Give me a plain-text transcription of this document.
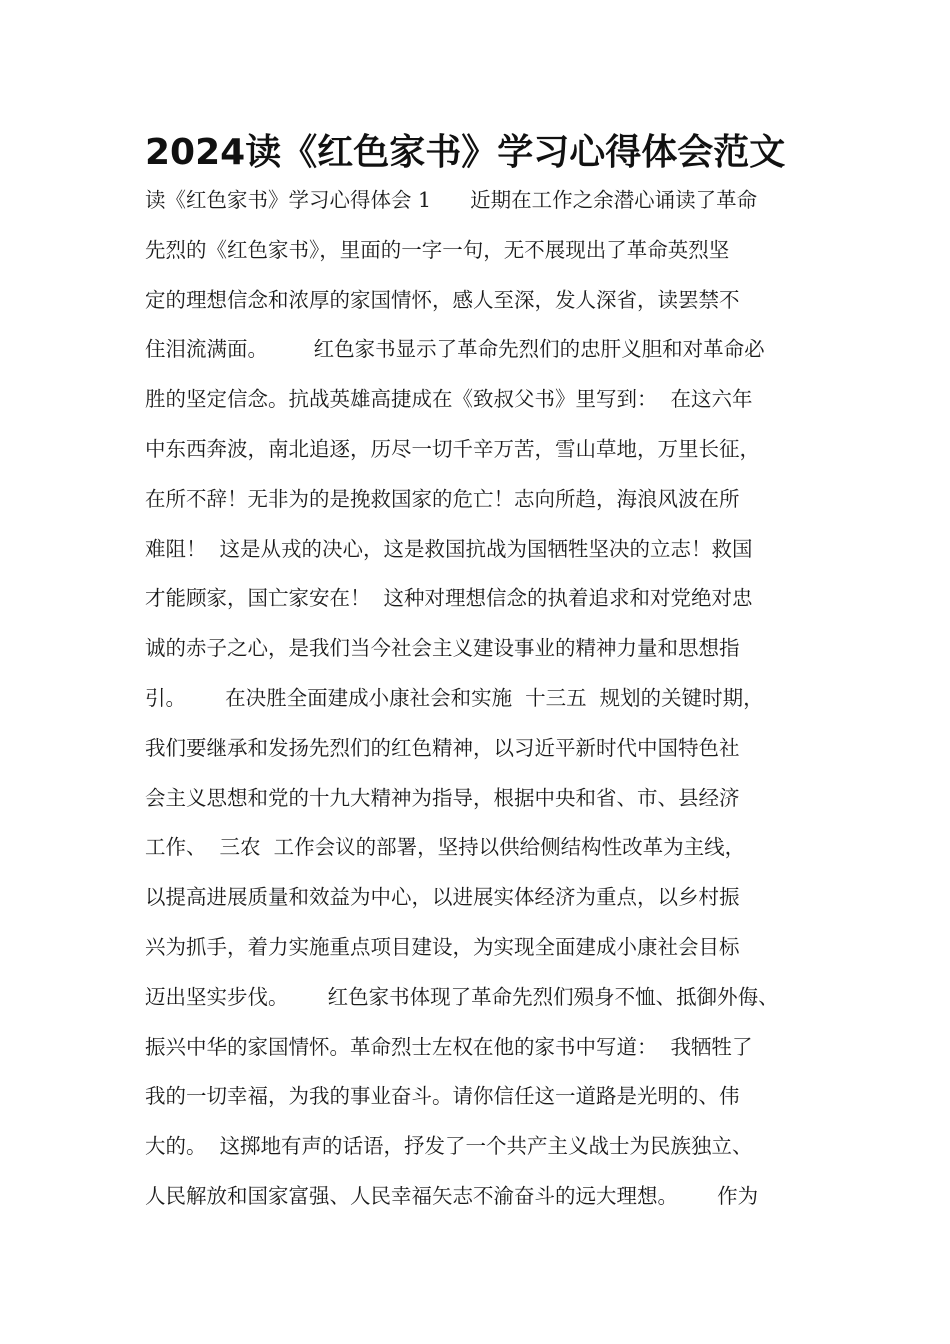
2024读《红色家书》学习心得体会范文
读《红色家书》学习心得体会 1      近期在工作之余潜心诵读了革命
先烈的《红色家书》，里面的一字一句，无不展现出了革命英烈坚
定的理想信念和浓厚的家国情怀，感人至深，发人深省，读罢禁不
住泪流满面。       红色家书显示了革命先烈们的忠肝义胆和对革命必
胜的坚定信念。抗战英雄高捷成在《致叔父书》里写到：  在这六年
中东西奔波，南北追逐，历尽一切千辛万苦，雪山草地，万里长征，
在所不辞！无非为的是挽救国家的危亡！志向所趋，海浪风波在所
难阻！  这是从戎的决心，这是救国抗战为国牺牲坚决的立志！救国
才能顾家，国亡家安在！  这种对理想信念的执着追求和对党绝对忠
诚的赤子之心，是我们当今社会主义建设事业的精神力量和思想指
引。      在决胜全面建成小康社会和实施  十三五  规划的关键时期，
我们要继承和发扬先烈们的红色精神，以习近平新时代中国特色社
会主义思想和党的十九大精神为指导，根据中央和省、市、县经济
工作、  三农  工作会议的部署，坚持以供给侧结构性改革为主线，
以提高进展质量和效益为中心，以进展实体经济为重点，以乡村振
兴为抓手，着力实施重点项目建设，为实现全面建成小康社会目标
迈出坚实步伐。      红色家书体现了革命先烈们殒身不恤、抵御外侮、
振兴中华的家国情怀。革命烈士左权在他的家书中写道：  我牺牲了
我的一切幸福，为我的事业奋斗。请你信任这一道路是光明的、伟
大的。  这掷地有声的话语，抒发了一个共产主义战士为民族独立、
人民解放和国家富强、人民幸福矢志不渝奋斗的远大理想。      作为
